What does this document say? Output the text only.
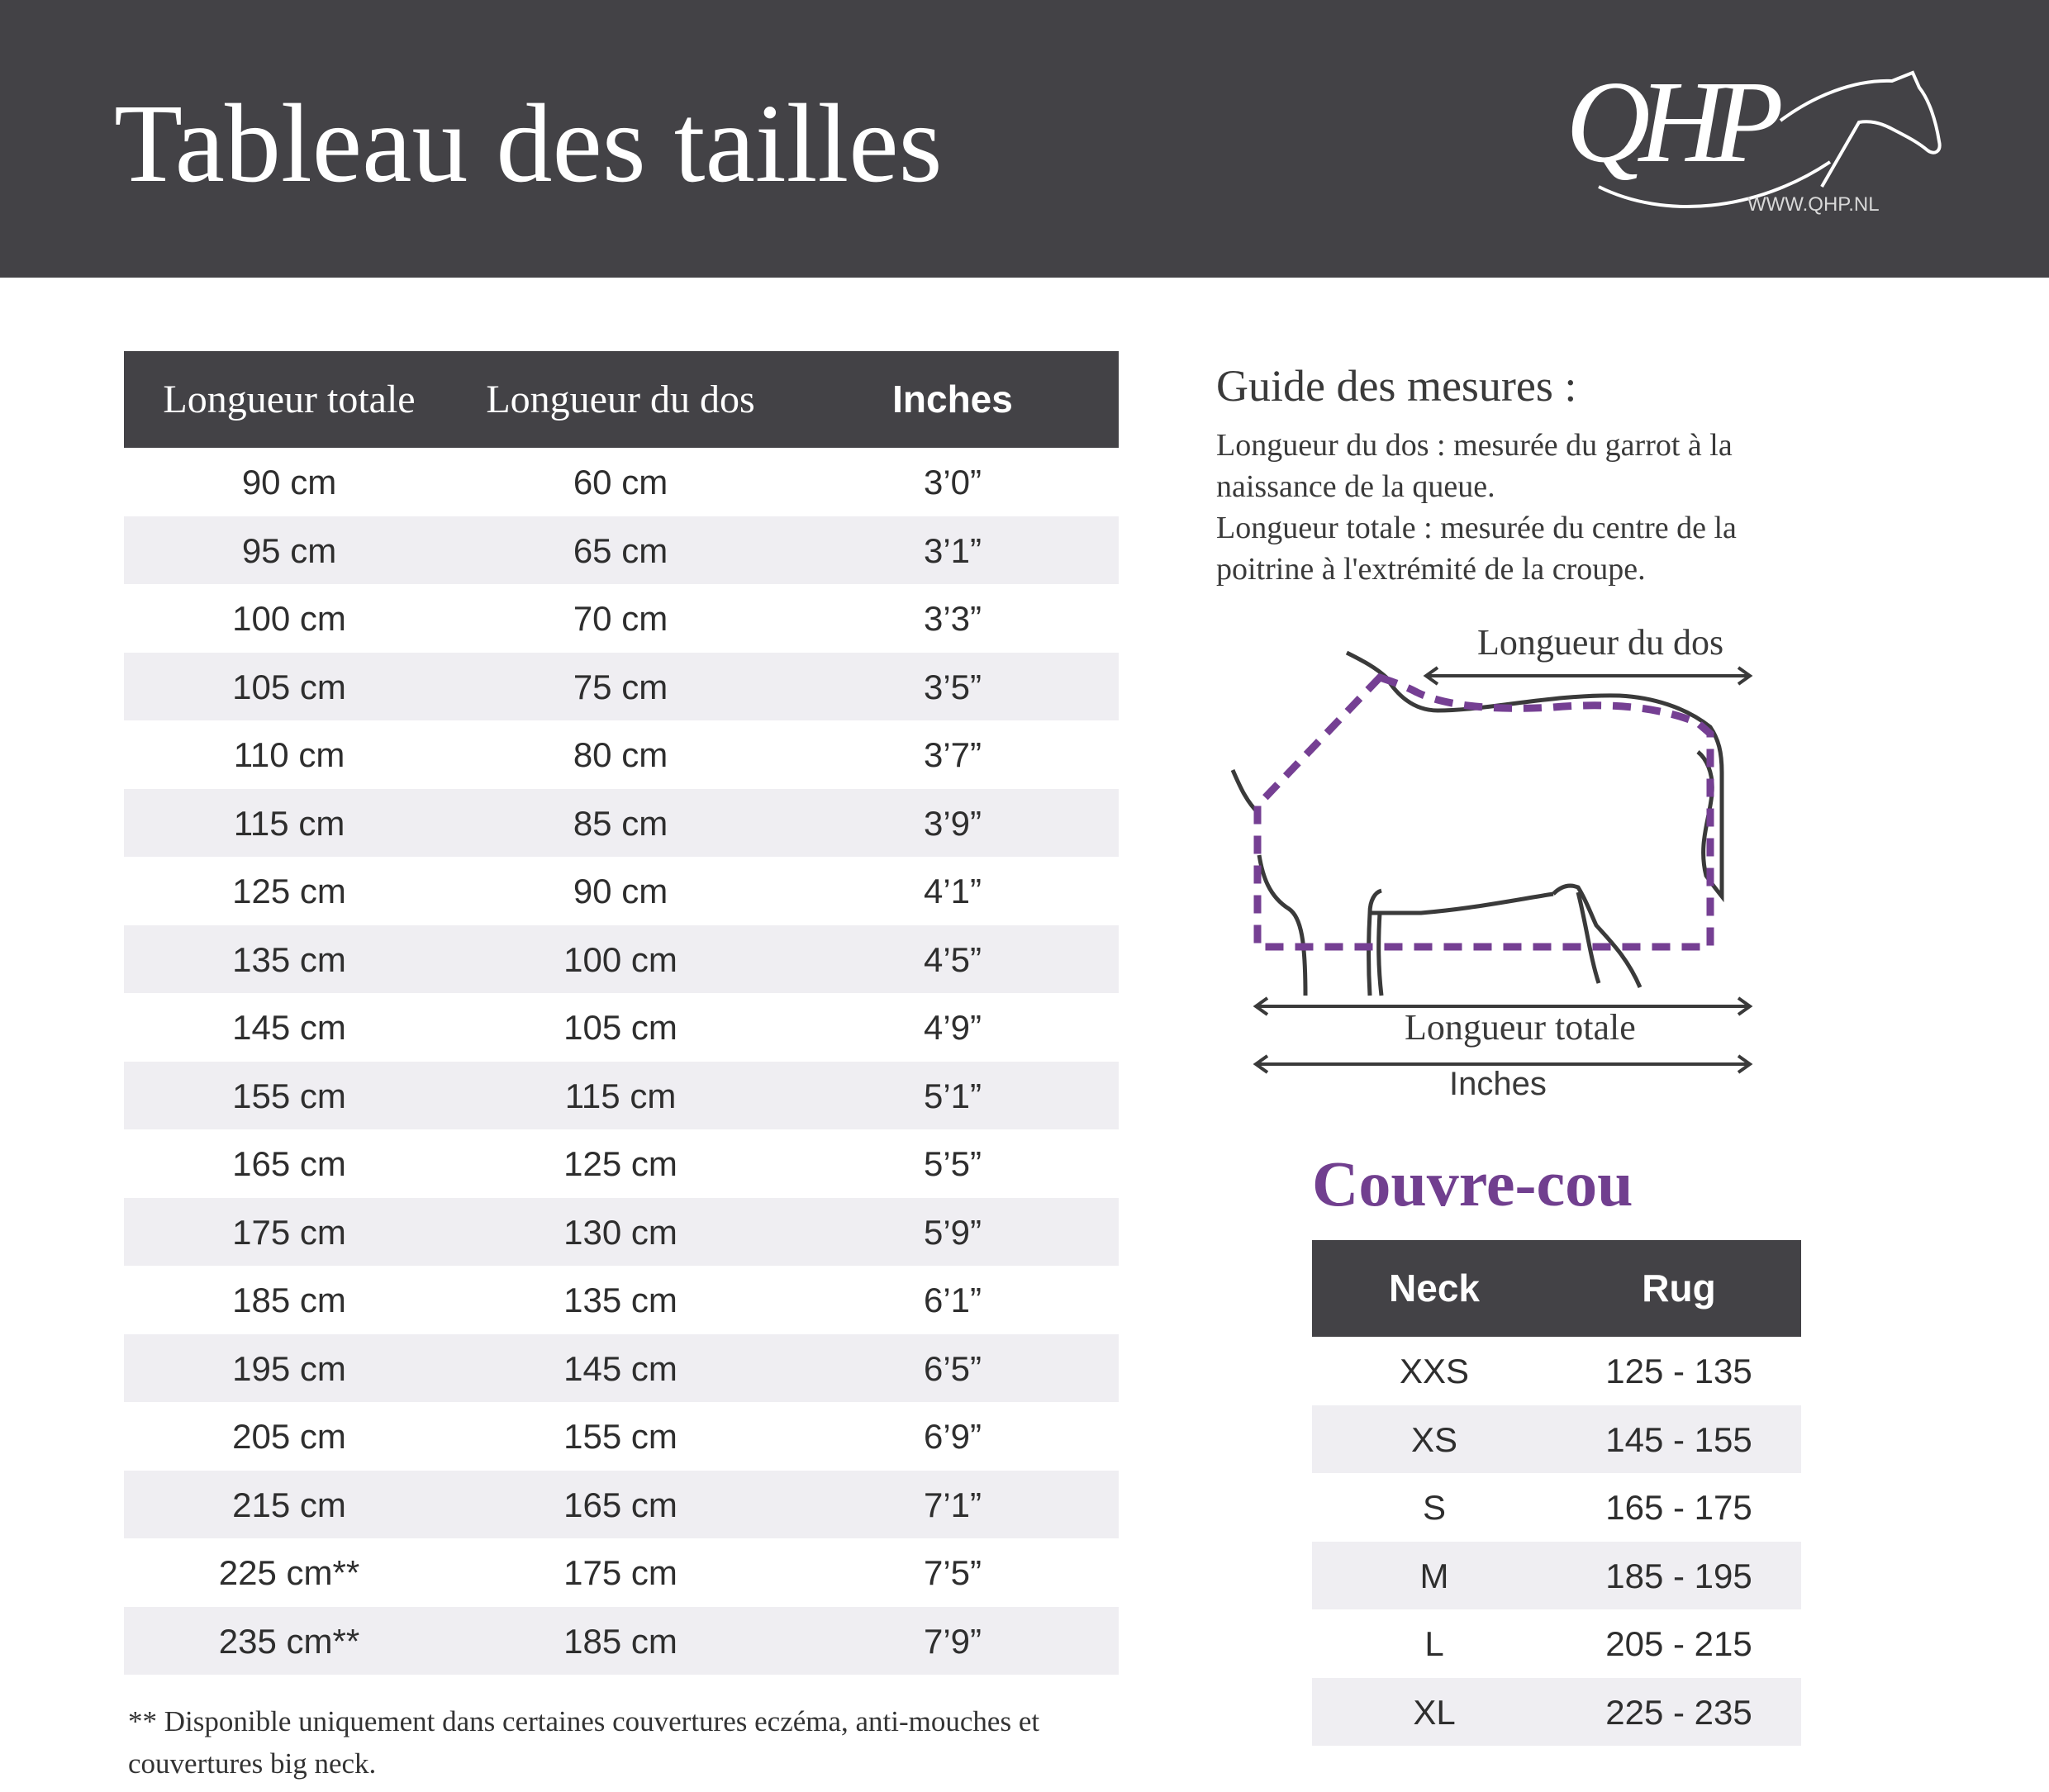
Tableau des tailles	QHP
WWW.QHP.NL
Longueur totale	Longueur du dos	Inches
90 cm	60 cm	3’0”
95 cm	65 cm	3’1”
100 cm	70 cm	3’3”
105 cm	75 cm	3’5”
110 cm	80 cm	3’7”
115 cm	85 cm	3’9”
125 cm	90 cm	4’1”
135 cm	100 cm	4’5”
145 cm	105 cm	4’9”
155 cm	115 cm	5’1”
165 cm	125 cm	5’5”
175 cm	130 cm	5’9”
185 cm	135 cm	6’1”
195 cm	145 cm	6’5”
205 cm	155 cm	6’9”
215 cm	165 cm	7’1”
225 cm**	175 cm	7’5”
235 cm**	185 cm	7’9”
** Disponible uniquement dans certaines couvertures eczéma, anti-mouches et couvertures big neck.
Guide des mesures :
Longueur du dos : mesurée du garrot à la naissance de la queue.
Longueur totale : mesurée du centre de la poitrine à l'extrémité de la croupe.
Longueur du dos
Longueur totale
Inches
Couvre-cou
Neck	Rug
XXS	125 - 135
XS	145 - 155
S	165 - 175
M	185 - 195
L	205 - 215
XL	225 - 235
